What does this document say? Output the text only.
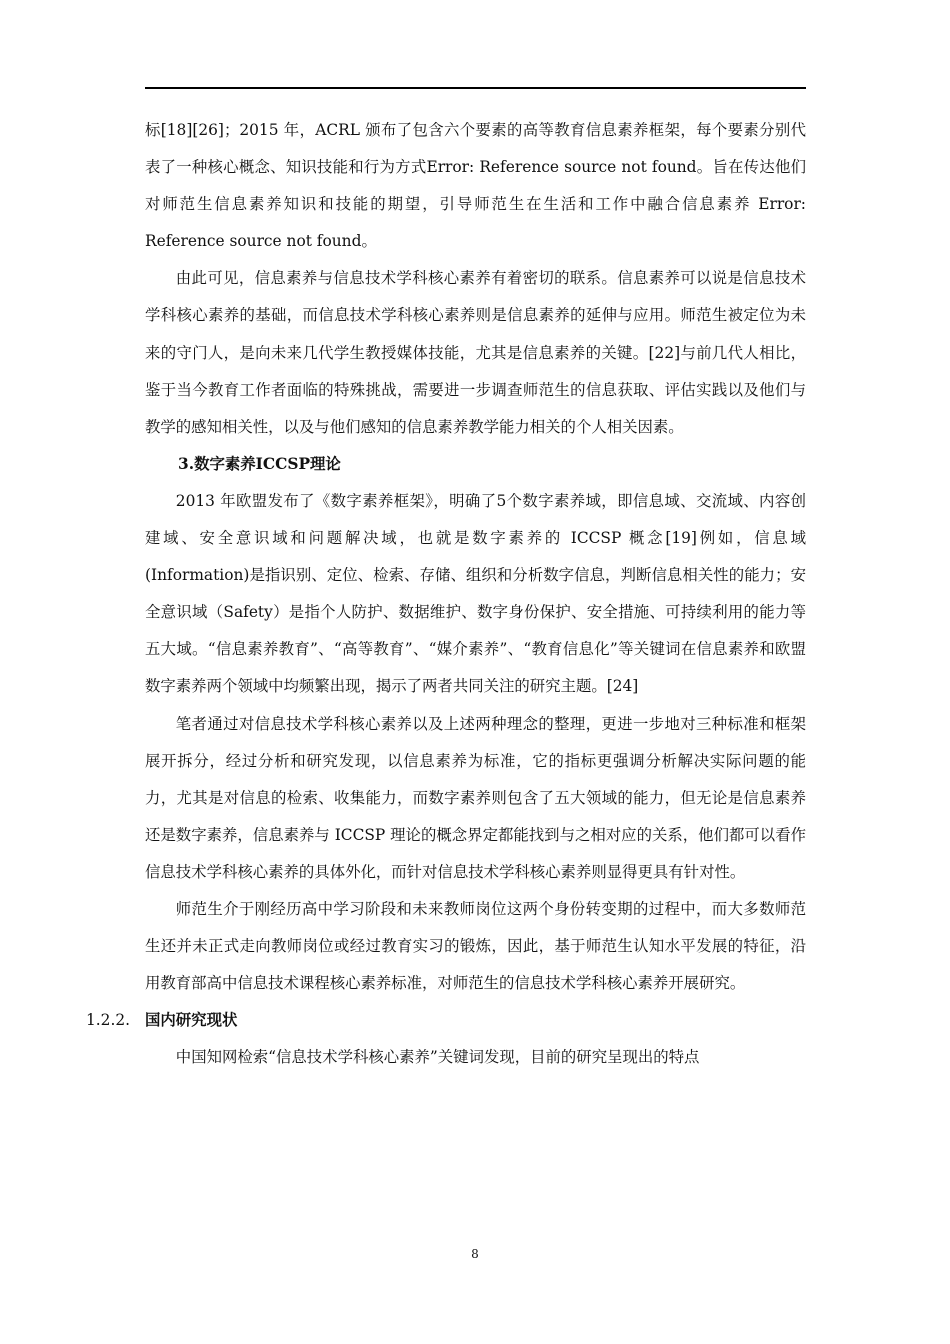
标[18][26]；2015 年，ACRL 颁布了包含六个要素的高等教育信息素养框架，每个要素分别代表了一种核心概念、知识技能和行为方式Error: Reference source not found。旨在传达他们对师范生信息素养知识和技能的期望，引导师范生在生活和工作中融合信息素养 Error: Reference source not found。

由此可见，信息素养与信息技术学科核心素养有着密切的联系。信息素养可以说是信息技术学科核心素养的基础，而信息技术学科核心素养则是信息素养的延伸与应用。师范生被定位为未来的守门人，是向未来几代学生教授媒体技能，尤其是信息素养的关键。[22]与前几代人相比，鉴于当今教育工作者面临的特殊挑战，需要进一步调查师范生的信息获取、评估实践以及他们与教学的感知相关性，以及与他们感知的信息素养教学能力相关的个人相关因素。

3.数字素养ICCSP理论

2013 年欧盟发布了《数字素养框架》，明确了5个数字素养域，即信息域、交流域、内容创建域、安全意识域和问题解决域，也就是数字素养的 ICCSP 概念[19]例如，信息域(Information)是指识别、定位、检索、存储、组织和分析数字信息，判断信息相关性的能力；安全意识域（Safety）是指个人防护、数据维护、数字身份保护、安全措施、可持续利用的能力等五大域。“信息素养教育”、“高等教育”、“媒介素养”、“教育信息化”等关键词在信息素养和欧盟数字素养两个领域中均频繁出现，揭示了两者共同关注的研究主题。[24]

笔者通过对信息技术学科核心素养以及上述两种理念的整理，更进一步地对三种标准和框架展开拆分，经过分析和研究发现，以信息素养为标准，它的指标更强调分析解决实际问题的能力，尤其是对信息的检索、收集能力，而数字素养则包含了五大领域的能力，但无论是信息素养还是数字素养，信息素养与 ICCSP 理论的概念界定都能找到与之相对应的关系，他们都可以看作信息技术学科核心素养的具体外化，而针对信息技术学科核心素养则显得更具有针对性。

师范生介于刚经历高中学习阶段和未来教师岗位这两个身份转变期的过程中，而大多数师范生还并未正式走向教师岗位或经过教育实习的锻炼，因此，基于师范生认知水平发展的特征，沿用教育部高中信息技术课程核心素养标准，对师范生的信息技术学科核心素养开展研究。

1.2.2. 国内研究现状

中国知网检索“信息技术学科核心素养”关键词发现，目前的研究呈现出的特点

8
